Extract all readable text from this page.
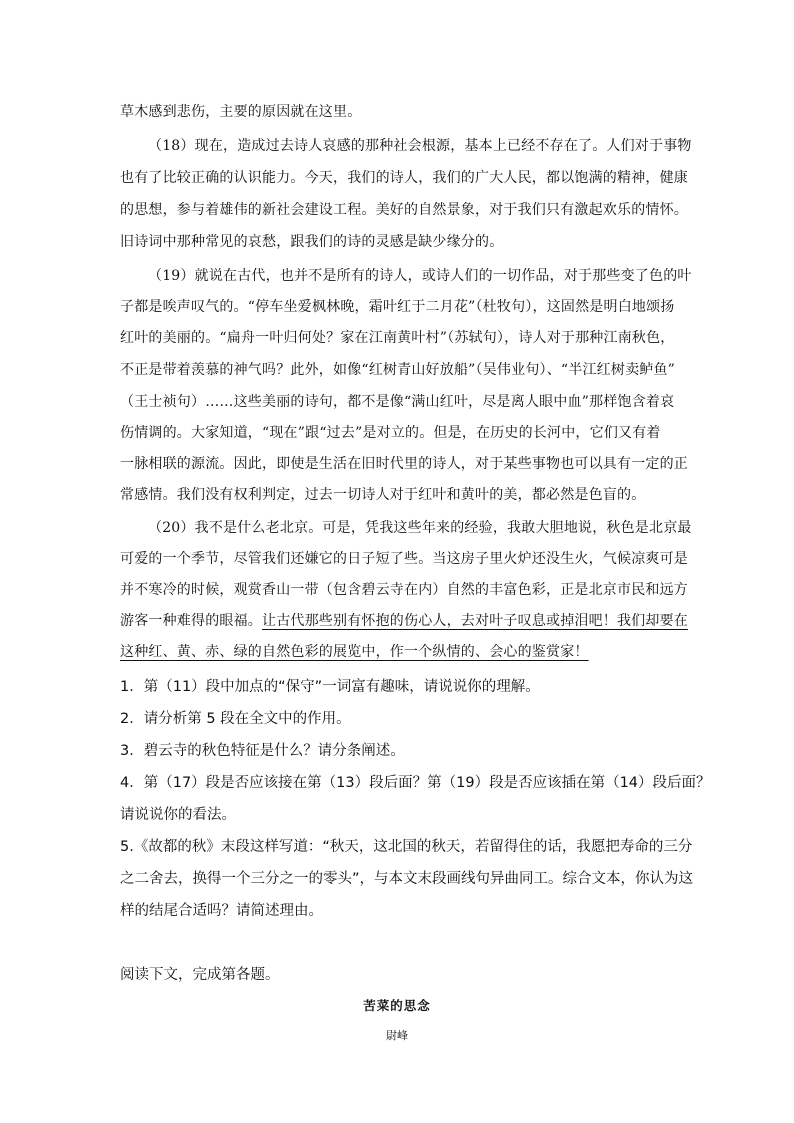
草木感到悲伤，主要的原因就在这里。
（18）现在，造成过去诗人哀感的那种社会根源，基本上已经不存在了。人们对于事物
也有了比较正确的认识能力。今天，我们的诗人，我们的广大人民，都以饱满的精神，健康
的思想，参与着雄伟的新社会建设工程。美好的自然景象，对于我们只有激起欢乐的情怀。
旧诗词中那种常见的哀愁，跟我们的诗的灵感是缺少缘分的。
（19）就说在古代，也并不是所有的诗人，或诗人们的一切作品，对于那些变了色的叶
子都是唉声叹气的。“停车坐爱枫林晚，霜叶红于二月花”（杜牧句），这固然是明白地颂扬
红叶的美丽的。“扁舟一叶归何处？家在江南黄叶村”（苏轼句），诗人对于那种江南秋色，
不正是带着羡慕的神气吗？此外，如像“红树青山好放船”（吴伟业句）、“半江红树卖鲈鱼”
（王士祯句）……这些美丽的诗句，都不是像“满山红叶，尽是离人眼中血”那样饱含着哀
伤情调的。大家知道，“现在”跟“过去”是对立的。但是，在历史的长河中，它们又有着
一脉相联的源流。因此，即使是生活在旧时代里的诗人，对于某些事物也可以具有一定的正
常感情。我们没有权利判定，过去一切诗人对于红叶和黄叶的美，都必然是色盲的。
（20）我不是什么老北京。可是，凭我这些年来的经验，我敢大胆地说，秋色是北京最
可爱的一个季节，尽管我们还嫌它的日子短了些。当这房子里火炉还没生火，气候凉爽可是
并不寒冷的时候，观赏香山一带（包含碧云寺在内）自然的丰富色彩，正是北京市民和远方
游客一种难得的眼福。让古代那些别有怀抱的伤心人，去对叶子叹息或掉泪吧！我们却要在
这种红、黄、赤、绿的自然色彩的展览中，作一个纵情的、会心的鉴赏家！
1．第（11）段中加点的“保守”一词富有趣味，请说说你的理解。
2．请分析第 5 段在全文中的作用。
3．碧云寺的秋色特征是什么？请分条阐述。
4．第（17）段是否应该接在第（13）段后面？第（19）段是否应该插在第（14）段后面？
请说说你的看法。
5.《故都的秋》末段这样写道：“秋天，这北国的秋天，若留得住的话，我愿把寿命的三分
之二舍去，换得一个三分之一的零头”，与本文末段画线句异曲同工。综合文本，你认为这
样的结尾合适吗？请简述理由。
阅读下文，完成第各题。
苦菜的思念
尉峰
